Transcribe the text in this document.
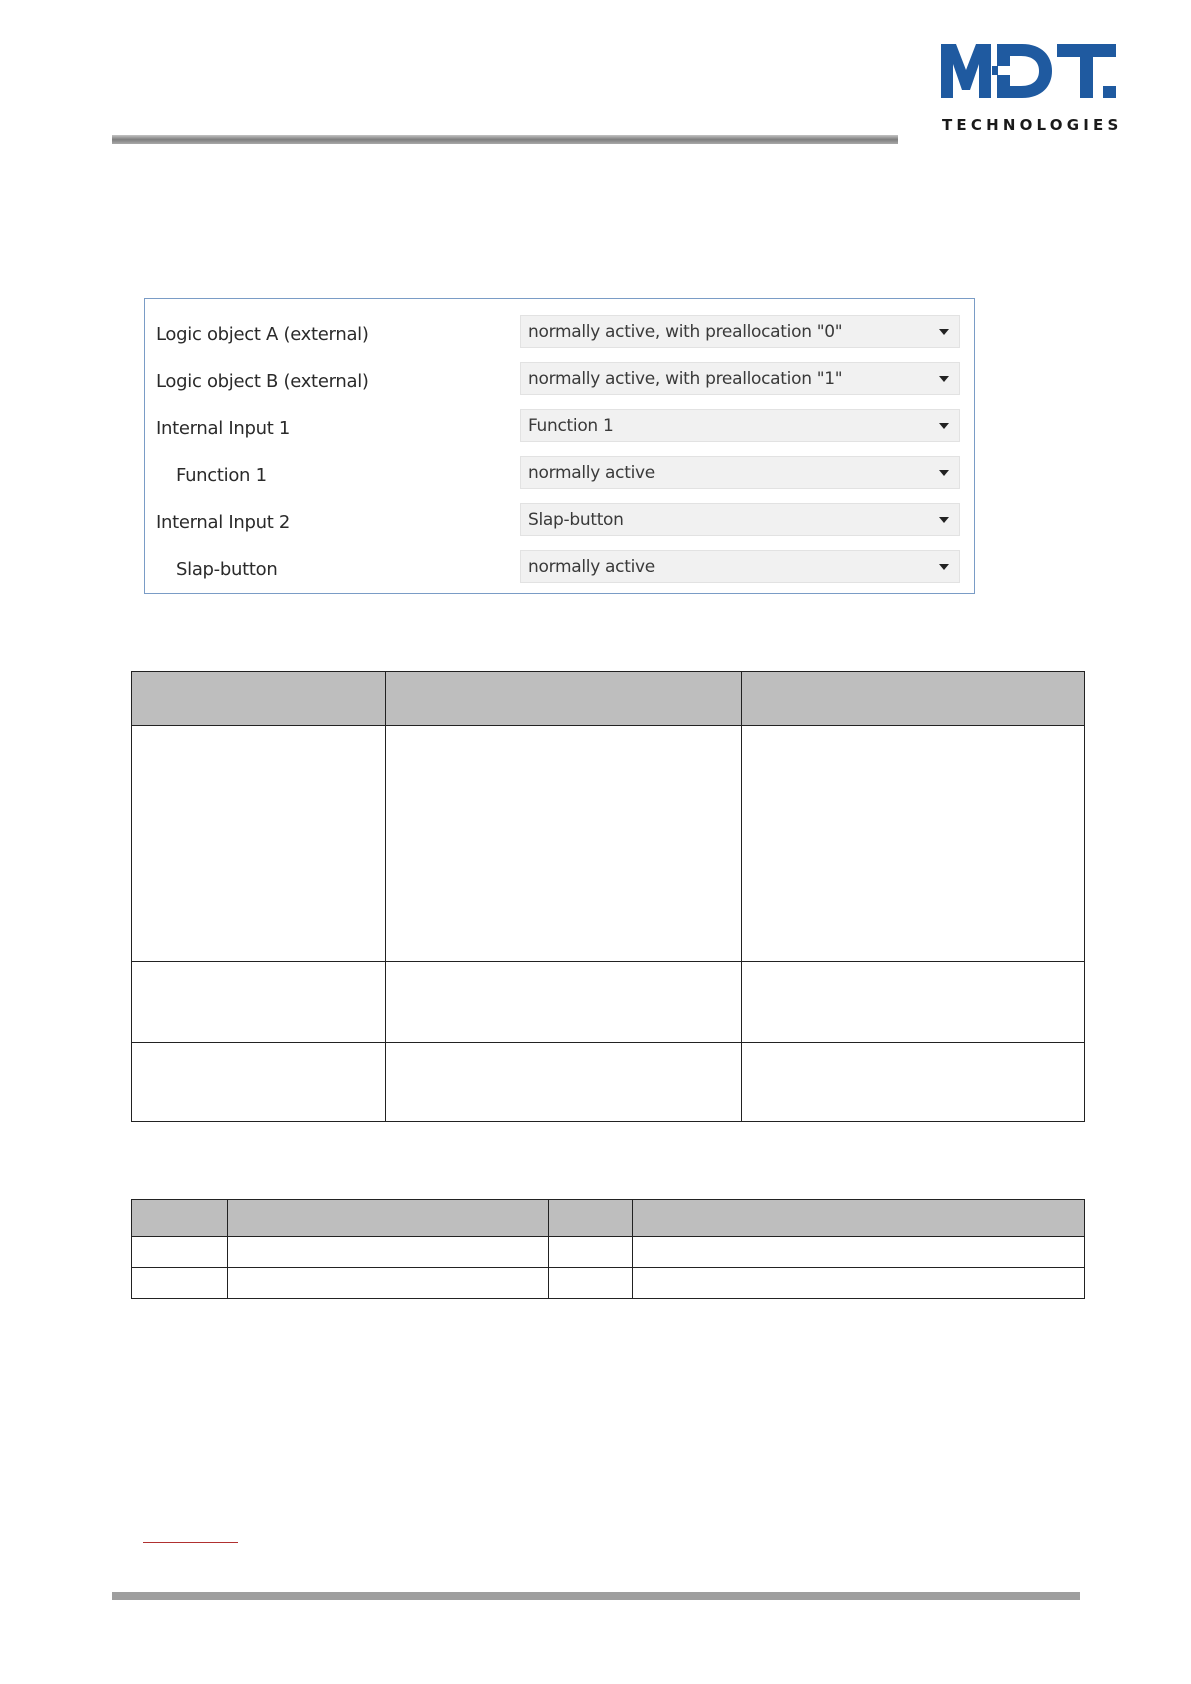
TECHNOLOGIES
Logic object A (external)	normally active, with preallocation "0"
Logic object B (external)	normally active, with preallocation "1"
Internal Input 1	Function 1
Function 1	normally active
Internal Input 2	Slap-button
Slap-button	normally active
